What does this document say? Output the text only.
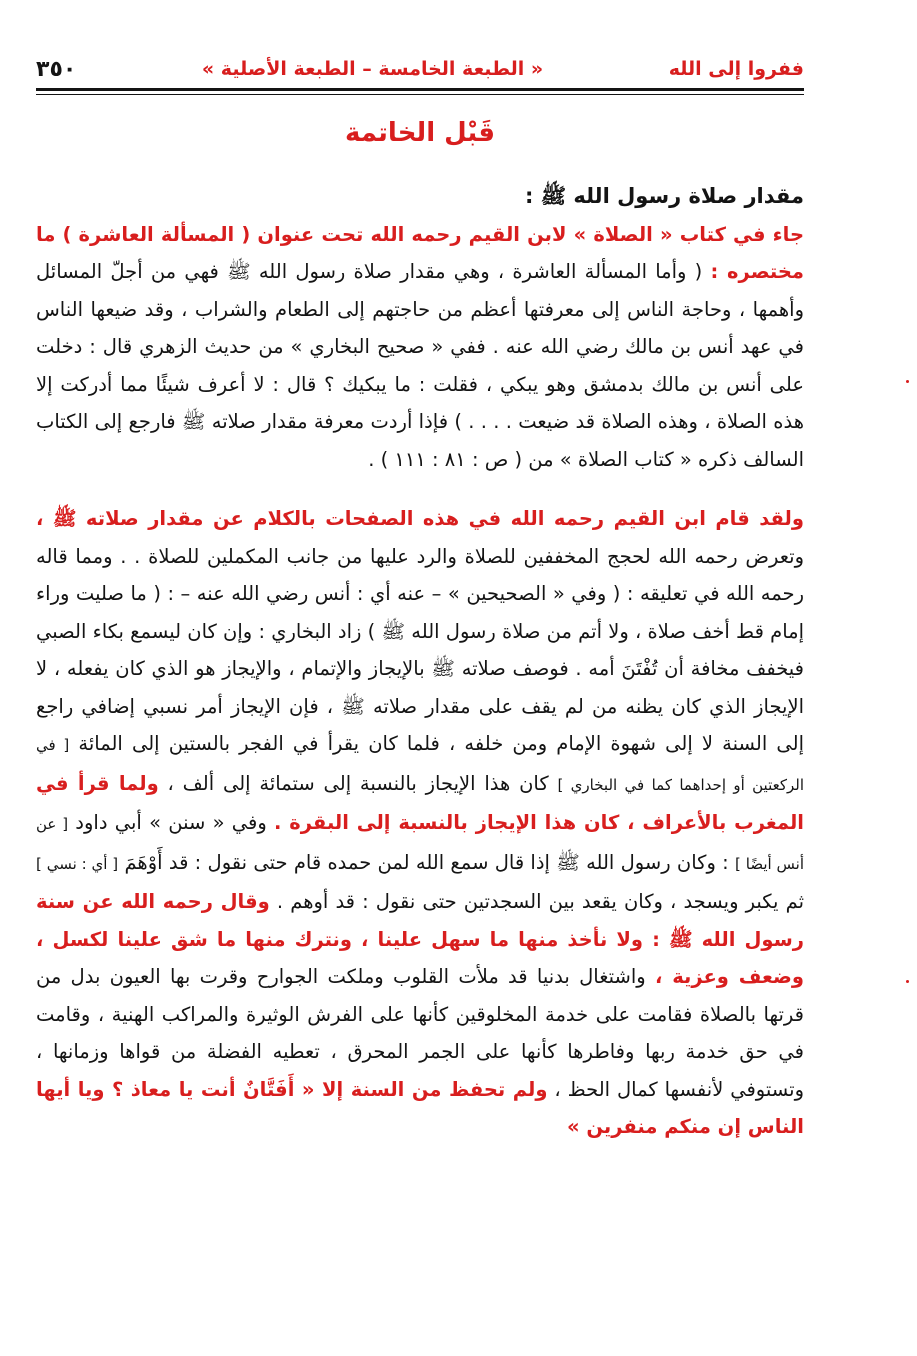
ففروا إلى الله
« الطبعة الخامسة – الطبعة الأصلية »
٣٥٠
قَبْل الخاتمة

مقدار صلاة رسول الله ﷺ :

جاء في كتاب « الصلاة » لابن القيم رحمه الله تحت عنوان ( المسألة العاشرة ) ما مختصره : ( وأما المسألة العاشرة ، وهي مقدار صلاة رسول الله ﷺ فهي من أجلّ المسائل وأهمها ، وحاجة الناس إلى معرفتها أعظم من حاجتهم إلى الطعام والشراب ، وقد ضيعها الناس في عهد أنس بن مالك رضي الله عنه . ففي « صحيح البخاري » من حديث الزهري قال : دخلت على أنس بن مالك بدمشق وهو يبكي ، فقلت : ما يبكيك ؟ قال : لا أعرف شيئًا مما أدركت إلا هذه الصلاة ، وهذه الصلاة قد ضيعت . . . . ) فإذا أردت معرفة مقدار صلاته ﷺ فارجع إلى الكتاب السالف ذكره « كتاب الصلاة » من ( ص : ٨١ : ١١١ ) .

ولقد قام ابن القيم رحمه الله في هذه الصفحات بالكلام عن مقدار صلاته ﷺ ، وتعرض رحمه الله لحجج المخففين للصلاة والرد عليها من جانب المكملين للصلاة . . ومما قاله رحمه الله في تعليقه : ( وفي « الصحيحين » – عنه أي : أنس رضي الله عنه – : ( ما صليت وراء إمام قط أخف صلاة ، ولا أتم من صلاة رسول الله ﷺ ) زاد البخاري : وإن كان ليسمع بكاء الصبي فيخفف مخافة أن تُفْتَنَ أمه . فوصف صلاته ﷺ بالإيجاز والإتمام ، والإيجاز هو الذي كان يفعله ، لا الإيجاز الذي كان يظنه من لم يقف على مقدار صلاته ﷺ ، فإن الإيجاز أمر نسبي إضافي راجع إلى السنة لا إلى شهوة الإمام ومن خلفه ، فلما كان يقرأ في الفجر بالستين إلى المائة [ في الركعتين أو إحداهما كما في البخاري ] كان هذا الإيجاز بالنسبة إلى ستمائة إلى ألف ، ولما قرأ في المغرب بالأعراف ، كان هذا الإيجاز بالنسبة إلى البقرة . وفي « سنن » أبي داود [ عن أنس أيضًا ] : وكان رسول الله ﷺ إذا قال سمع الله لمن حمده قام حتى نقول : قد أَوْهَمَ [ أي : نسي ] ثم يكبر ويسجد ، وكان يقعد بين السجدتين حتى نقول : قد أوهم . وقال رحمه الله عن سنة رسول الله ﷺ : ولا نأخذ منها ما سهل علينا ، ونترك منها ما شق علينا لكسل ، وضعف وعزية ، واشتغال بدنيا قد ملأت القلوب وملكت الجوارح وقرت بها العيون بدل من قرتها بالصلاة فقامت على خدمة المخلوقين كأنها على الفرش الوثيرة والمراكب الهنية ، وقامت في حق خدمة ربها وفاطرها كأنها على الجمر المحرق ، تعطيه الفضلة من قواها وزمانها ، وتستوفي لأنفسها كمال الحظ ، ولم تحفظ من السنة إلا « أَفَتَّانٌ أنت يا معاذ ؟ ويا أيها الناس إن منكم منفرين »
